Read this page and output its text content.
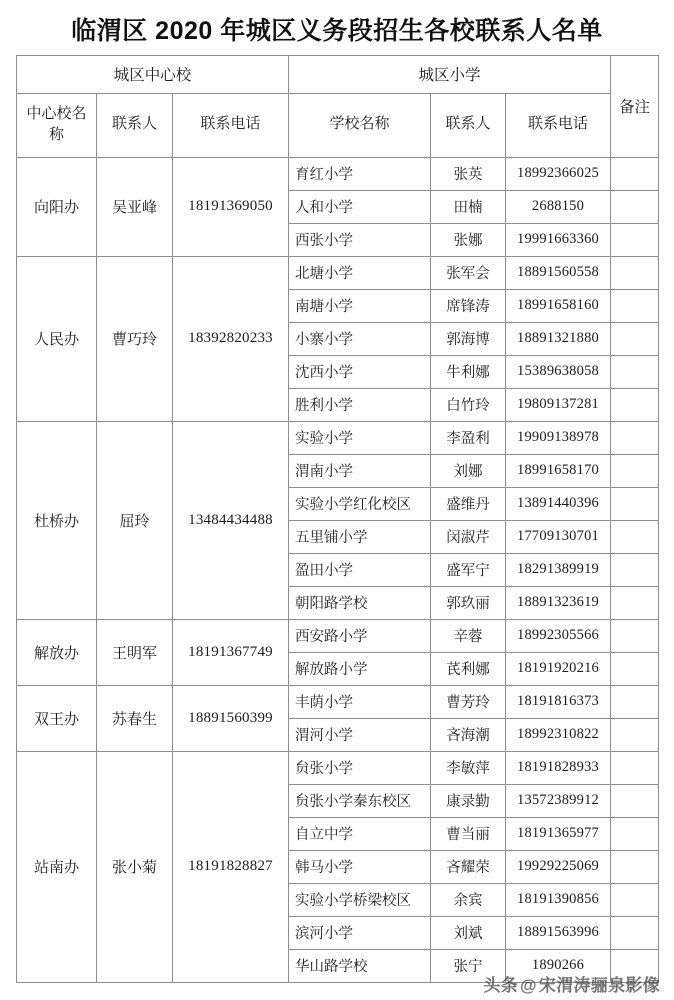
临渭区 2020 年城区义务段招生各校联系人名单
城区中心校			城区小学			备注
中心校名称	联系人	联系电话	学校名称	联系人	联系电话	
向阳办	吴亚峰	18191369050	育红小学	张英	18992366025	
			人和小学	田楠	2688150	
			西张小学	张娜	19991663360	
人民办	曹巧玲	18392820233	北塘小学	张军会	18891560558	
			南塘小学	席锋涛	18991658160	
			小寨小学	郭海博	18891321880	
			沈西小学	牛利娜	15389638058	
			胜利小学	白竹玲	19809137281	
杜桥办	屈玲	13484434488	实验小学	李盈利	19909138978	
			渭南小学	刘娜	18991658170	
			实验小学红化校区	盛维丹	13891440396	
			五里铺小学	闵淑芹	17709130701	
			盈田小学	盛军宁	18291389919	
			朝阳路学校	郭玖丽	18891323619	
解放办	王明军	18191367749	西安路小学	辛蓉	18992305566	
			解放路小学	芪利娜	18191920216	
双王办	苏春生	18891560399	丰荫小学	曹芳玲	18191816373	
			渭河小学	吝海潮	18992310822	
站南办	张小菊	18191828827	贠张小学	李敏萍	18191828933	
			贠张小学秦东校区	康录勤	13572389912	
			自立中学	曹当丽	18191365977	
			韩马小学	吝耀荣	19929225069	
			实验小学桥梁校区	余宾	18191390856	
			滨河小学	刘斌	18891563996	
			华山路学校	张宁	1890266	
头条 @ 宋渭涛骊泉影像
